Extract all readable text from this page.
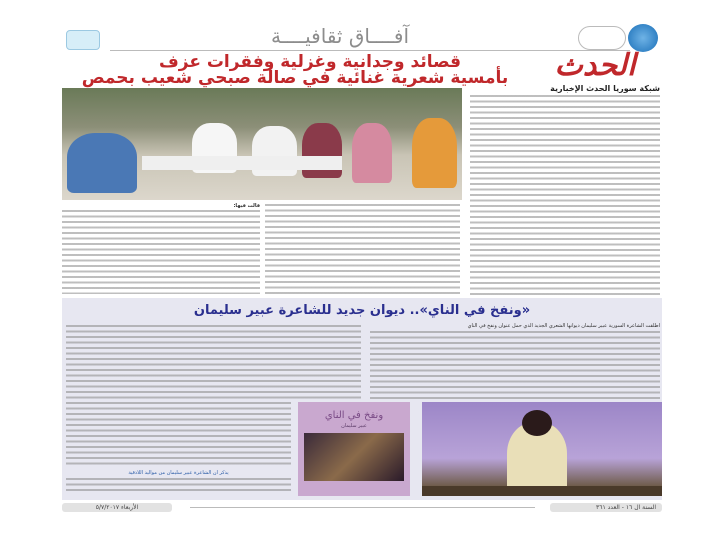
آفــــاق ثقافيــــة
الحدث
شبكة سوريا الحدث الإخبارية
قصائد وجدانية وغزلية وفقرات عزف
بأمسية شعرية غنائية في صالة صبحي شعيب بحمص
قالت فيها:
«ونفخ في الناي».. ديوان جديد للشاعرة عبير سليمان
أطلقت الشاعرة السورية عبير سليمان ديوانها الشعري الجديد الذي حمل عنوان ونفخ في الناي
يذكر أن الشاعرة عبير سليمان من مواليد اللاذقية
ونفخ في الناي
عبير سليمان
الأربعاء ٥/٧/٢٠١٧	السنة ال ١٦ - العدد ٣٦١
